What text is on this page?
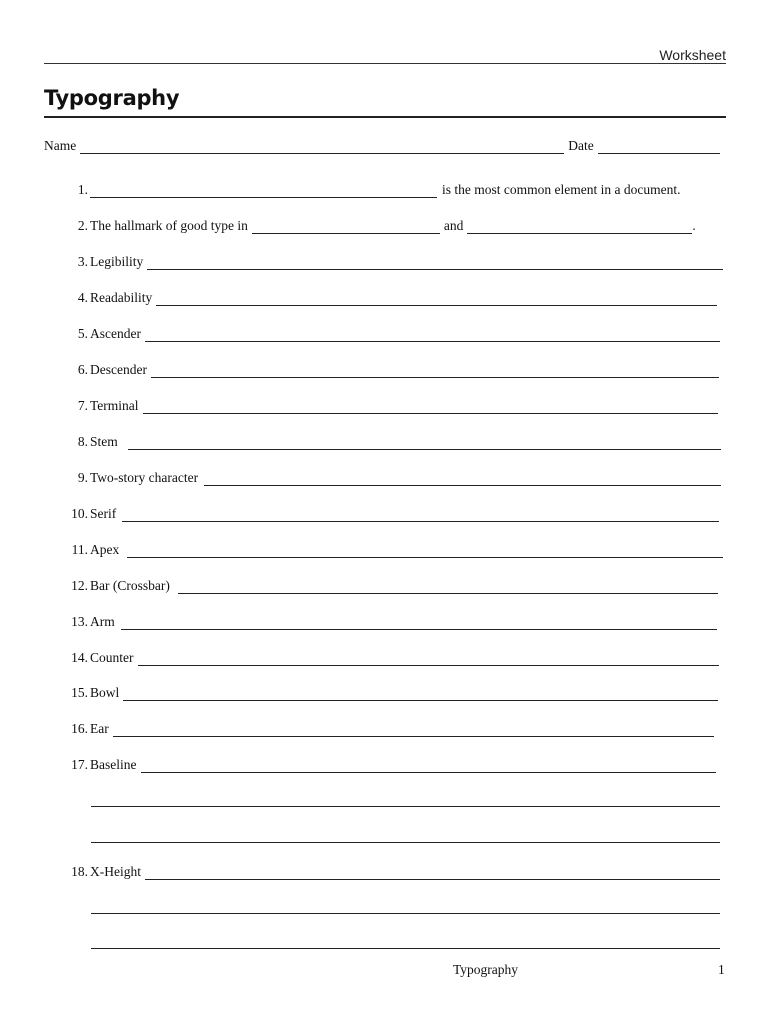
Worksheet
Typography
Name	Date
1.	is the most common element in a document.
2. The hallmark of good type in	and	.
3. Legibility
4. Readability
5. Ascender
6. Descender
7. Terminal
8. Stem
9. Two-story character
10. Serif
11. Apex
12. Bar (Crossbar)
13. Arm
14. Counter
15. Bowl
16. Ear
17. Baseline
18. X-Height
Typography	1
